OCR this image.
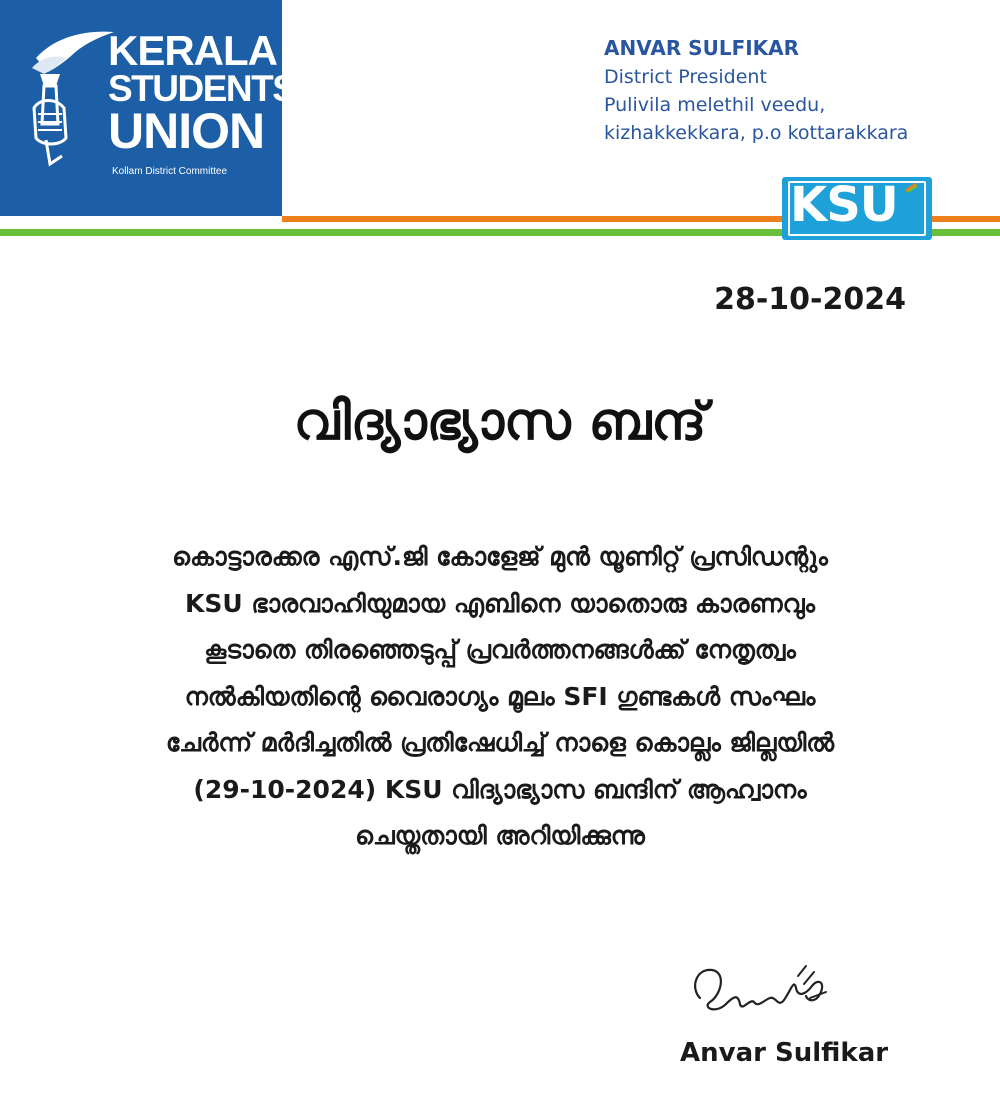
KERALA
STUDENTS'
UNION
Kollam District Committee
ANVAR SULFIKAR
District President
Pulivila melethil veedu,
kizhakkekkara, p.o kottarakkara
KSU
28-10-2024
വിദ്യാഭ്യാസ ബന്ദ്
കൊട്ടാരക്കര എസ്.ജി കോളേജ് മുൻ യൂണിറ്റ് പ്രസിഡന്റും
KSU ഭാരവാഹിയുമായ എബിനെ യാതൊരു കാരണവും
കൂടാതെ തിരഞ്ഞെടുപ്പ് പ്രവർത്തനങ്ങൾക്ക് നേതൃത്വം
നൽകിയതിന്റെ വൈരാഗ്യം മൂലം SFI ഗുണ്ടകൾ സംഘം
ചേർന്ന് മർദിച്ചതിൽ പ്രതിഷേധിച്ച് നാളെ കൊല്ലം ജില്ലയിൽ
(29-10-2024) KSU വിദ്യാഭ്യാസ ബന്ദിന് ആഹ്വാനം
ചെയ്തതായി അറിയിക്കുന്നു
Anvar Sulfikar
